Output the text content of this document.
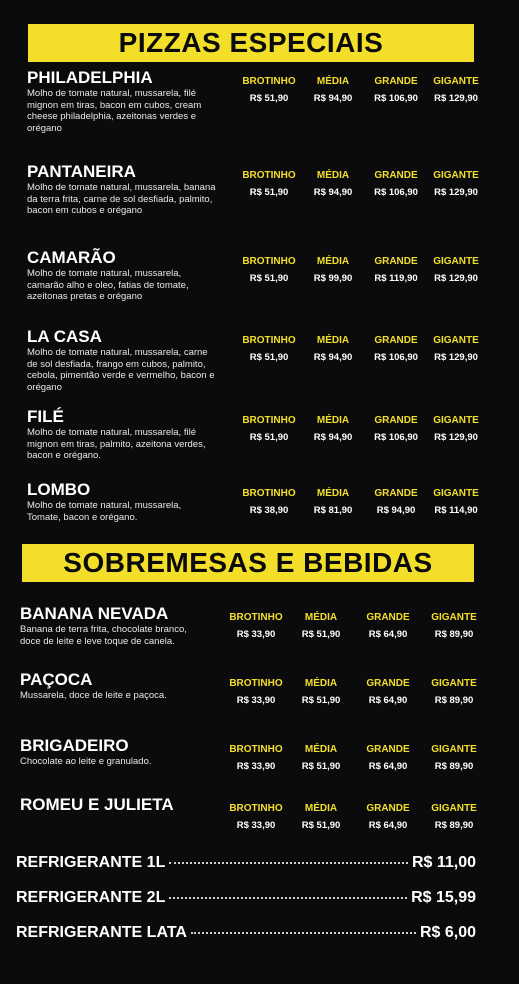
PIZZAS ESPECIAIS
SOBREMESAS E BEBIDAS
PHILADELPHIA
Molho de tomate natural, mussarela, filé mignon em tiras, bacon em cubos, cream cheese philadelphia, azeitonas verdes e orégano
BROTINHO
R$ 51,90
MÉDIA
R$ 94,90
GRANDE
R$ 106,90
GIGANTE
R$ 129,90
PANTANEIRA
Molho de tomate natural, mussarela, banana da terra frita, carne de sol desfiada, palmito, bacon em cubos e orégano
BROTINHO
R$ 51,90
MÉDIA
R$ 94,90
GRANDE
R$ 106,90
GIGANTE
R$ 129,90
CAMARÃO
Molho de tomate natural, mussarela, camarão alho e oleo, fatias de tomate, azeitonas pretas e orégano
BROTINHO
R$ 51,90
MÉDIA
R$ 99,90
GRANDE
R$ 119,90
GIGANTE
R$ 129,90
LA CASA
Molho de tomate natural, mussarela, carne de sol desfiada, frango em cubos, palmito, cebola, pimentão verde e vermelho, bacon e orégano
BROTINHO
R$ 51,90
MÉDIA
R$ 94,90
GRANDE
R$ 106,90
GIGANTE
R$ 129,90
FILÉ
Molho de tomate natural, mussarela, filé mignon em tiras, palmito, azeitona verdes, bacon e orégano.
BROTINHO
R$ 51,90
MÉDIA
R$ 94,90
GRANDE
R$ 106,90
GIGANTE
R$ 129,90
LOMBO
Molho de tomate natural, mussarela, Tomate, bacon e orégano.
BROTINHO
R$ 38,90
MÉDIA
R$ 81,90
GRANDE
R$ 94,90
GIGANTE
R$ 114,90
BANANA NEVADA
Banana de terra frita, chocolate branco, doce de leite e leve toque de canela.
BROTINHO
R$ 33,90
MÉDIA
R$ 51,90
GRANDE
R$ 64,90
GIGANTE
R$ 89,90
PAÇOCA
Mussarela, doce de leite e paçoca.
BROTINHO
R$ 33,90
MÉDIA
R$ 51,90
GRANDE
R$ 64,90
GIGANTE
R$ 89,90
BRIGADEIRO
Chocolate ao leite e granulado.
BROTINHO
R$ 33,90
MÉDIA
R$ 51,90
GRANDE
R$ 64,90
GIGANTE
R$ 89,90
ROMEU E JULIETA	BROTINHO
R$ 33,90
MÉDIA
R$ 51,90
GRANDE
R$ 64,90
GIGANTE
R$ 89,90
REFRIGERANTE 1L	R$ 11,00
REFRIGERANTE 2L	R$ 15,99
REFRIGERANTE LATA	R$ 6,00
